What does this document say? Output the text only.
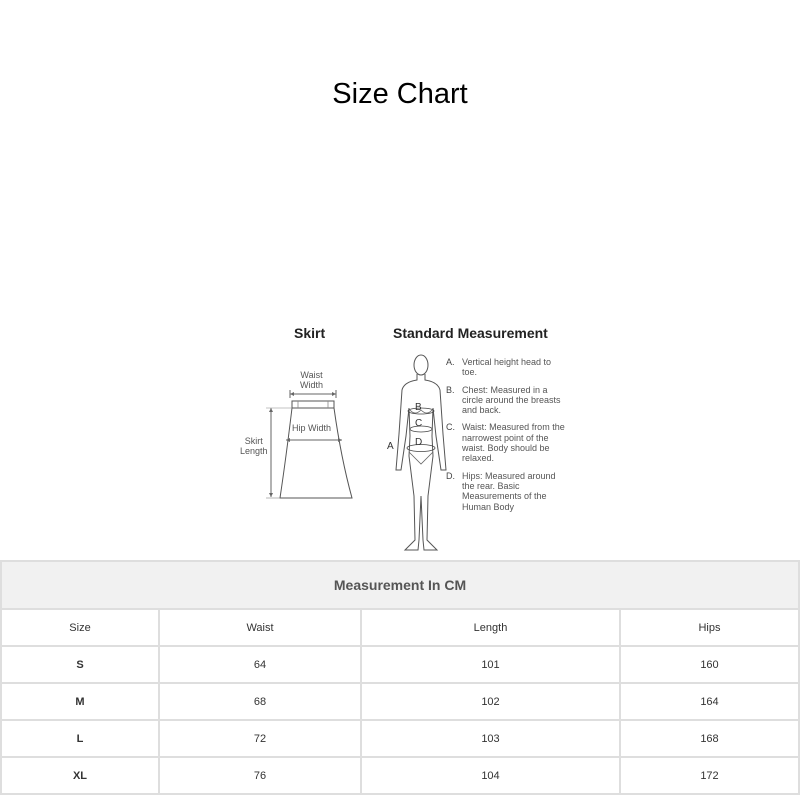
Size Chart
Skirt	Standard Measurement
Waist
Width
Hip Width
Skirt
Length
B
C
D
A
A. Vertical height head to toe.
B. Chest: Measured in a circle around the breasts and back.
C. Waist: Measured from the narrowest point of the waist. Body should be relaxed.
D. Hips: Measured around the rear. Basic Measurements of the Human Body
Measurement In CM			
Size	Waist	Length	Hips
S	64	101	160
M	68	102	164
L	72	103	168
XL	76	104	172
